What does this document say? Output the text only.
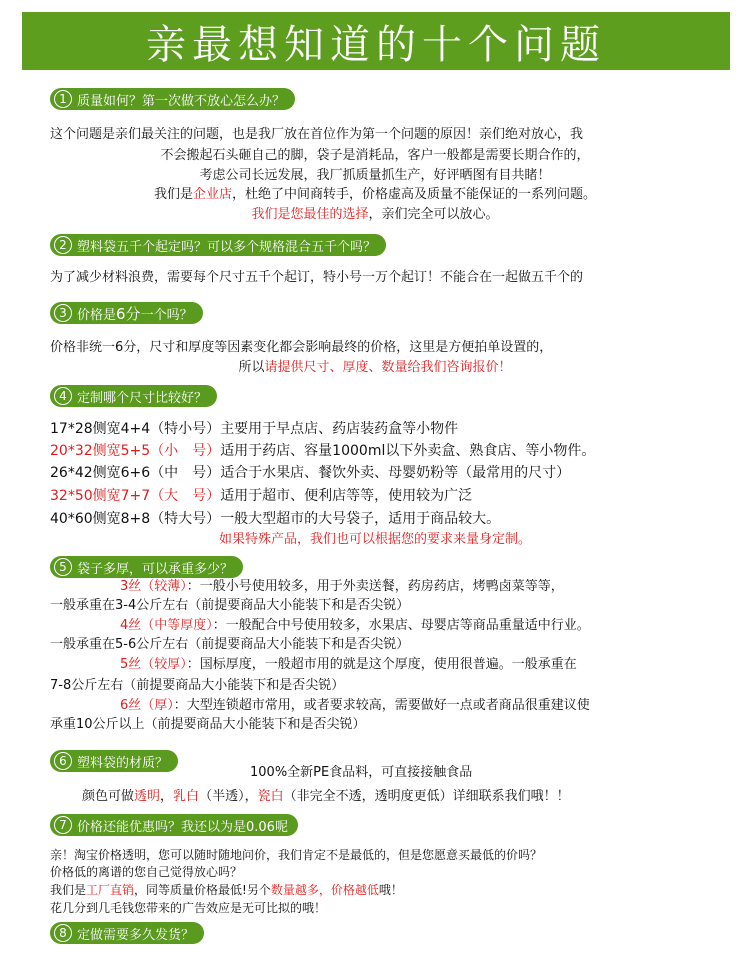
亲最想知道的十个问题
1 质量如何？第一次做不放心怎么办？
这个问题是亲们最关注的问题，也是我厂放在首位作为第一个问题的原因！亲们绝对放心，我
不会搬起石头砸自己的脚，袋子是消耗品，客户一般都是需要长期合作的，
考虑公司长远发展，我厂抓质量抓生产，好评晒图有目共睹！
我们是企业店，杜绝了中间商转手，价格虚高及质量不能保证的一系列问题。
我们是您最佳的选择，亲们完全可以放心。
2 塑料袋五千个起定吗？可以多个规格混合五千个吗？
为了减少材料浪费，需要每个尺寸五千个起订，特小号一万个起订！不能合在一起做五千个的
3 价格是 6分 一个吗？
价格非统一6分，尺寸和厚度等因素变化都会影响最终的价格，这里是方便拍单设置的，
所以请提供尺寸、厚度、数量给我们咨询报价！
4 定制哪个尺寸比较好？
17*28侧宽4+4（特小号）主要用于早点店、药店装药盒等小物件
20*32侧宽5+5（小　号）适用于药店、容量1000ml以下外卖盒、熟食店、等小物件。
26*42侧宽6+6（中　号）适合于水果店、餐饮外卖、母婴奶粉等（最常用的尺寸）
32*50侧宽7+7（大　号）适用于超市、便利店等等，使用较为广泛
40*60侧宽8+8（特大号）一般大型超市的大号袋子，适用于商品较大。
如果特殊产品，我们也可以根据您的要求来量身定制。
5 袋子多厚，可以承重多少？
3丝（较薄）：一般小号使用较多，用于外卖送餐，药房药店，烤鸭卤菜等等，
一般承重在3-4公斤左右（前提要商品大小能装下和是否尖锐）
4丝（中等厚度）：一般配合中号使用较多，水果店、母婴店等商品重量适中行业。
一般承重在5-6公斤左右（前提要商品大小能装下和是否尖锐）
5丝（较厚）：国标厚度，一般超市用的就是这个厚度，使用很普遍。一般承重在
7-8公斤左右（前提要商品大小能装下和是否尖锐）
6丝（厚）：大型连锁超市常用，或者要求较高，需要做好一点或者商品很重建议使
承重10公斤以上（前提要商品大小能装下和是否尖锐）
6 塑料袋的材质？
100%全新PE食品料，可直接接触食品
颜色可做透明，乳白（半透），瓷白（非完全不透，透明度更低）详细联系我们哦！！
7 价格还能优惠吗？我还以为是0.06呢
亲！淘宝价格透明，您可以随时随地问价，我们肯定不是最低的，但是您愿意买最低的价吗？
价格低的离谱的您自己觉得放心吗？
我们是工厂直销，同等质量价格最低!另个数量越多，价格越低哦！
花几分到几毛钱您带来的广告效应是无可比拟的哦！
8 定做需要多久发货？
